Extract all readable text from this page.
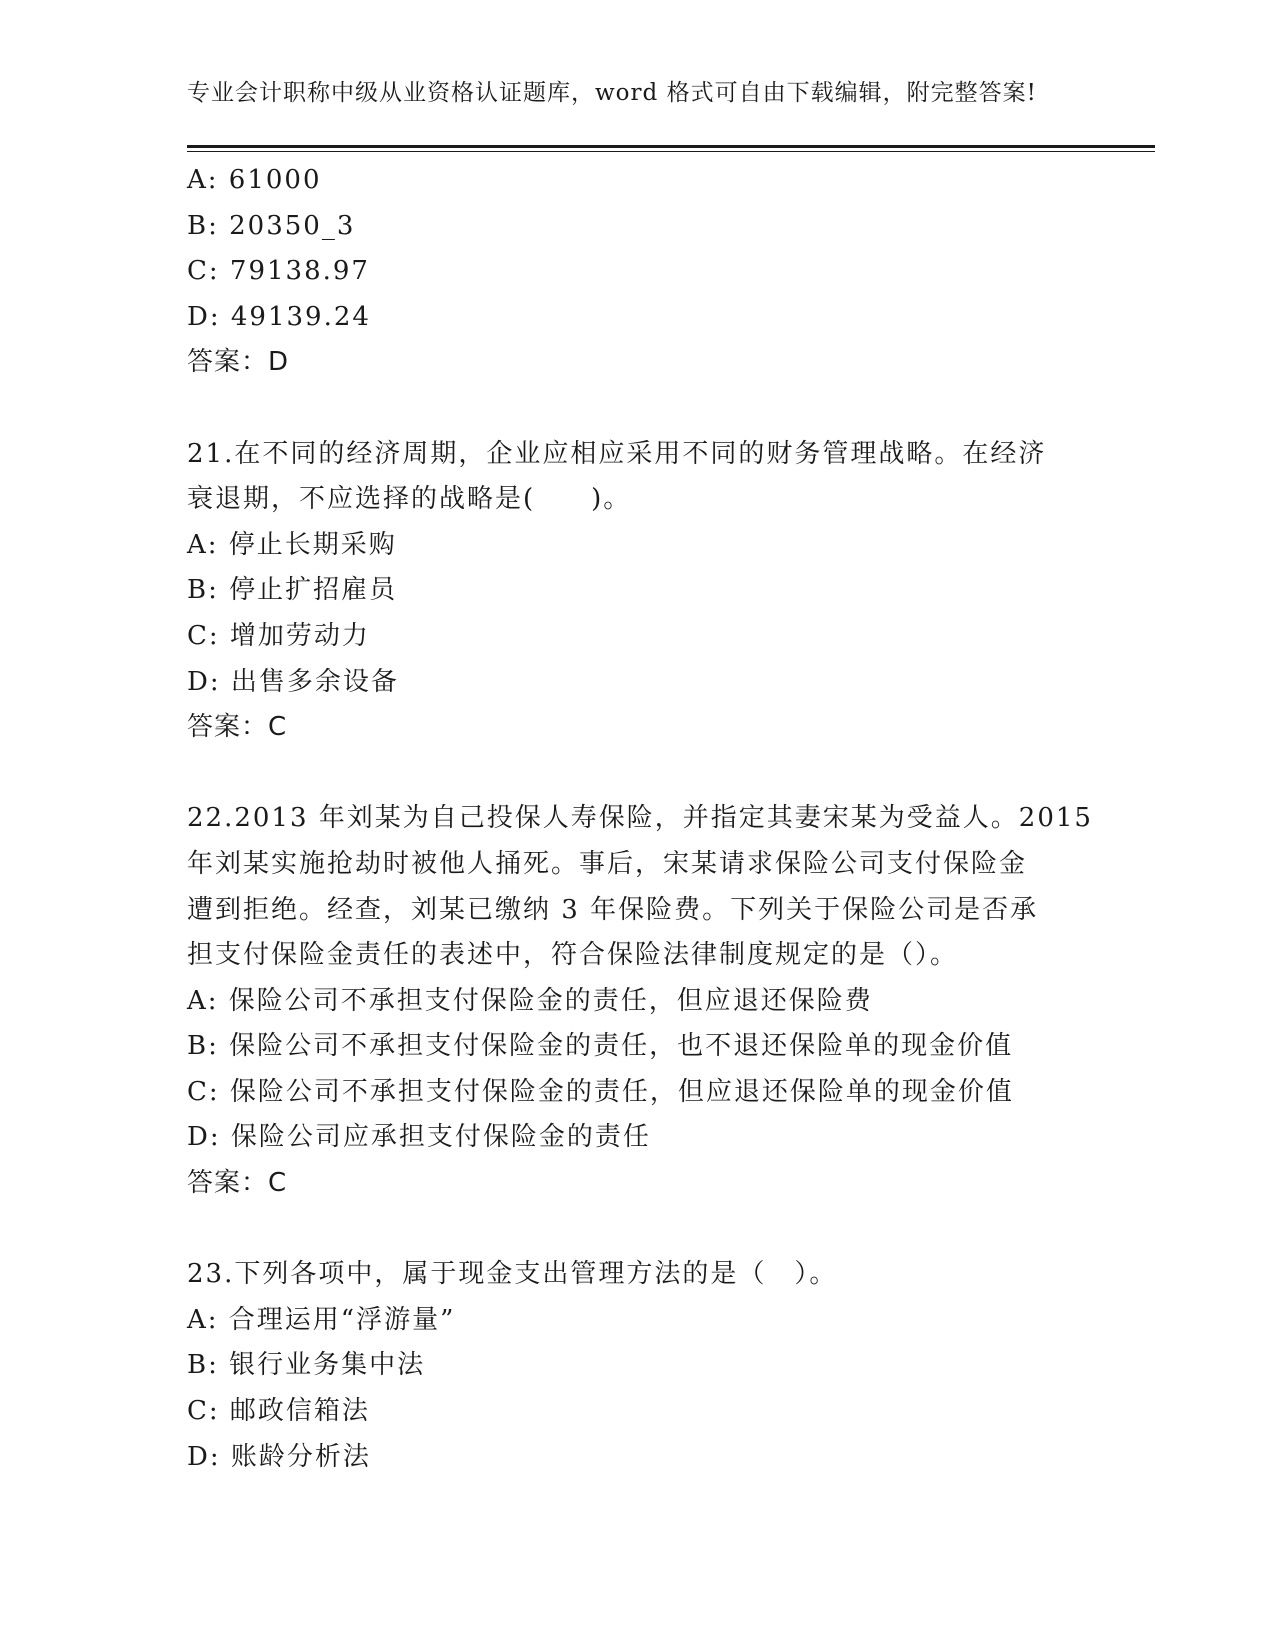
专业会计职称中级从业资格认证题库，word 格式可自由下载编辑，附完整答案!
A: 61000
B: 20350_3
C: 79138.97
D: 49139.24
答案：D
21.在不同的经济周期，企业应相应采用不同的财务管理战略。在经济
衰退期，不应选择的战略是(　　)。
A: 停止长期采购
B: 停止扩招雇员
C: 增加劳动力
D: 出售多余设备
答案：C
22.2013 年刘某为自己投保人寿保险，并指定其妻宋某为受益人。2015
年刘某实施抢劫时被他人捅死。事后，宋某请求保险公司支付保险金
遭到拒绝。经查，刘某已缴纳 3 年保险费。下列关于保险公司是否承
担支付保险金责任的表述中，符合保险法律制度规定的是（）。
A: 保险公司不承担支付保险金的责任，但应退还保险费
B: 保险公司不承担支付保险金的责任，也不退还保险单的现金价值
C: 保险公司不承担支付保险金的责任，但应退还保险单的现金价值
D: 保险公司应承担支付保险金的责任
答案：C
23.下列各项中，属于现金支出管理方法的是（　）。
A: 合理运用“浮游量”
B: 银行业务集中法
C: 邮政信箱法
D: 账龄分析法
